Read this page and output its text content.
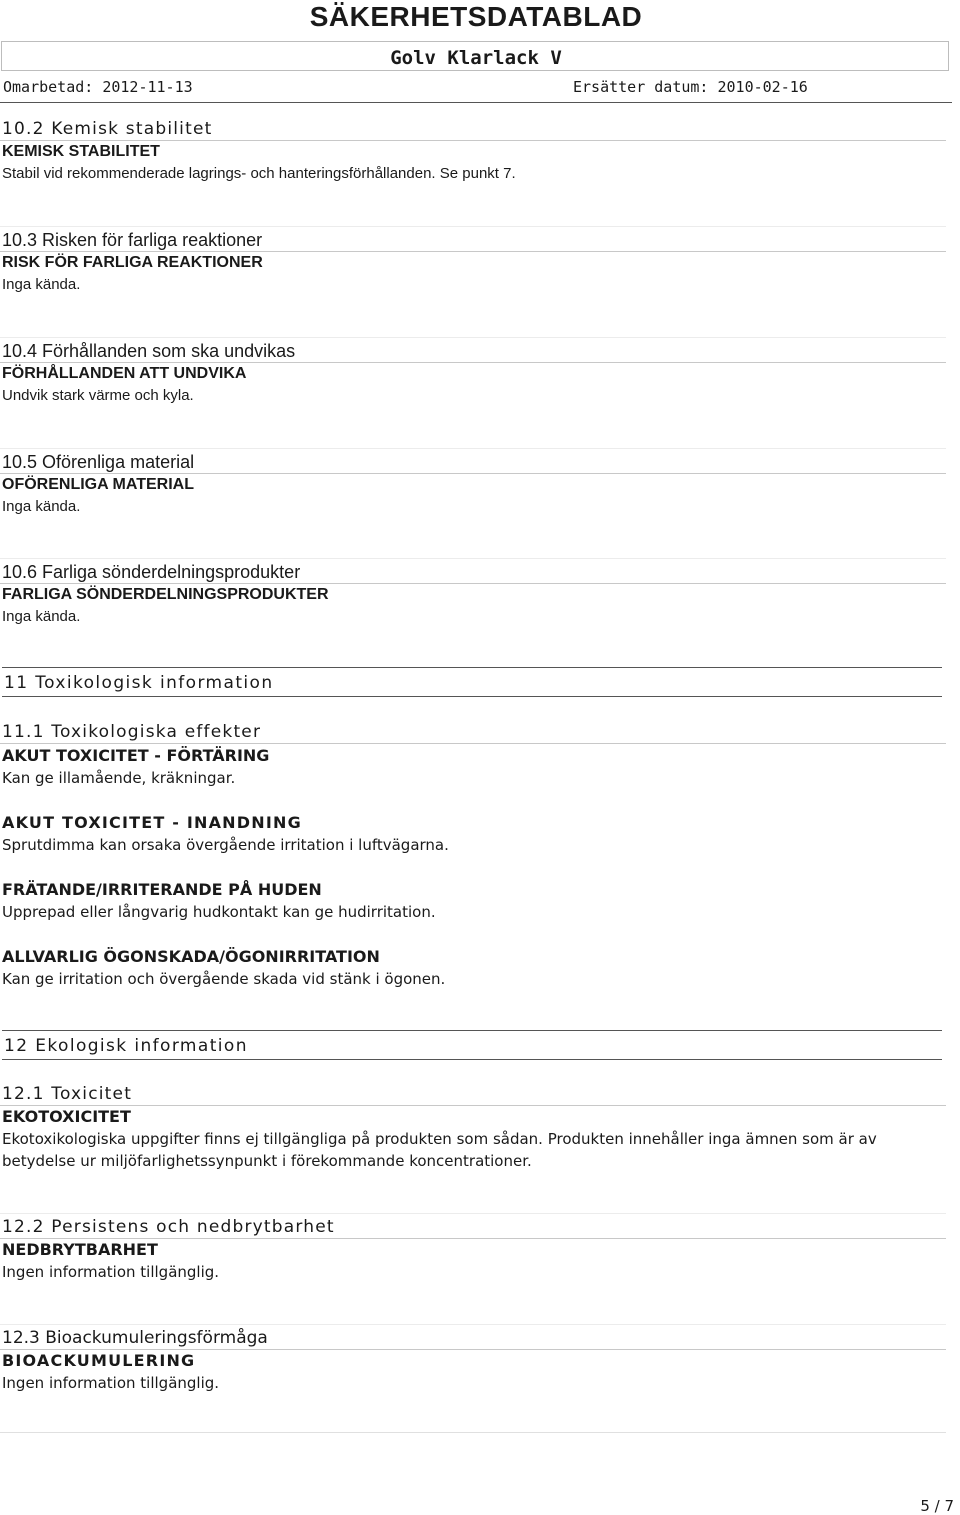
SÄKERHETSDATABLAD
Golv Klarlack V
Omarbetad: 2012-11-13	Ersätter datum: 2010-02-16
10.2 Kemisk stabilitet
KEMISK STABILITET
Stabil vid rekommenderade lagrings- och hanteringsförhållanden. Se punkt 7.
10.3 Risken för farliga reaktioner
RISK FÖR FARLIGA REAKTIONER
Inga kända.
10.4 Förhållanden som ska undvikas
FÖRHÅLLANDEN ATT UNDVIKA
Undvik stark värme och kyla.
10.5 Oförenliga material
OFÖRENLIGA MATERIAL
Inga kända.
10.6 Farliga sönderdelningsprodukter
FARLIGA SÖNDERDELNINGSPRODUKTER
Inga kända.
11 Toxikologisk information
11.1 Toxikologiska effekter
AKUT TOXICITET - FÖRTÄRING
Kan ge illamående, kräkningar.
AKUT TOXICITET - INANDNING
Sprutdimma kan orsaka övergående irritation i luftvägarna.
FRÄTANDE/IRRITERANDE PÅ HUDEN
Upprepad eller långvarig hudkontakt kan ge hudirritation.
ALLVARLIG ÖGONSKADA/ÖGONIRRITATION
Kan ge irritation och övergående skada vid stänk i ögonen.
12 Ekologisk information
12.1 Toxicitet
EKOTOXICITET
Ekotoxikologiska uppgifter finns ej tillgängliga på produkten som sådan. Produkten innehåller inga ämnen som är av
betydelse ur miljöfarlighetssynpunkt i förekommande koncentrationer.
12.2 Persistens och nedbrytbarhet
NEDBRYTBARHET
Ingen information tillgänglig.
12.3 Bioackumuleringsförmåga
BIOACKUMULERING
Ingen information tillgänglig.
5 / 7
